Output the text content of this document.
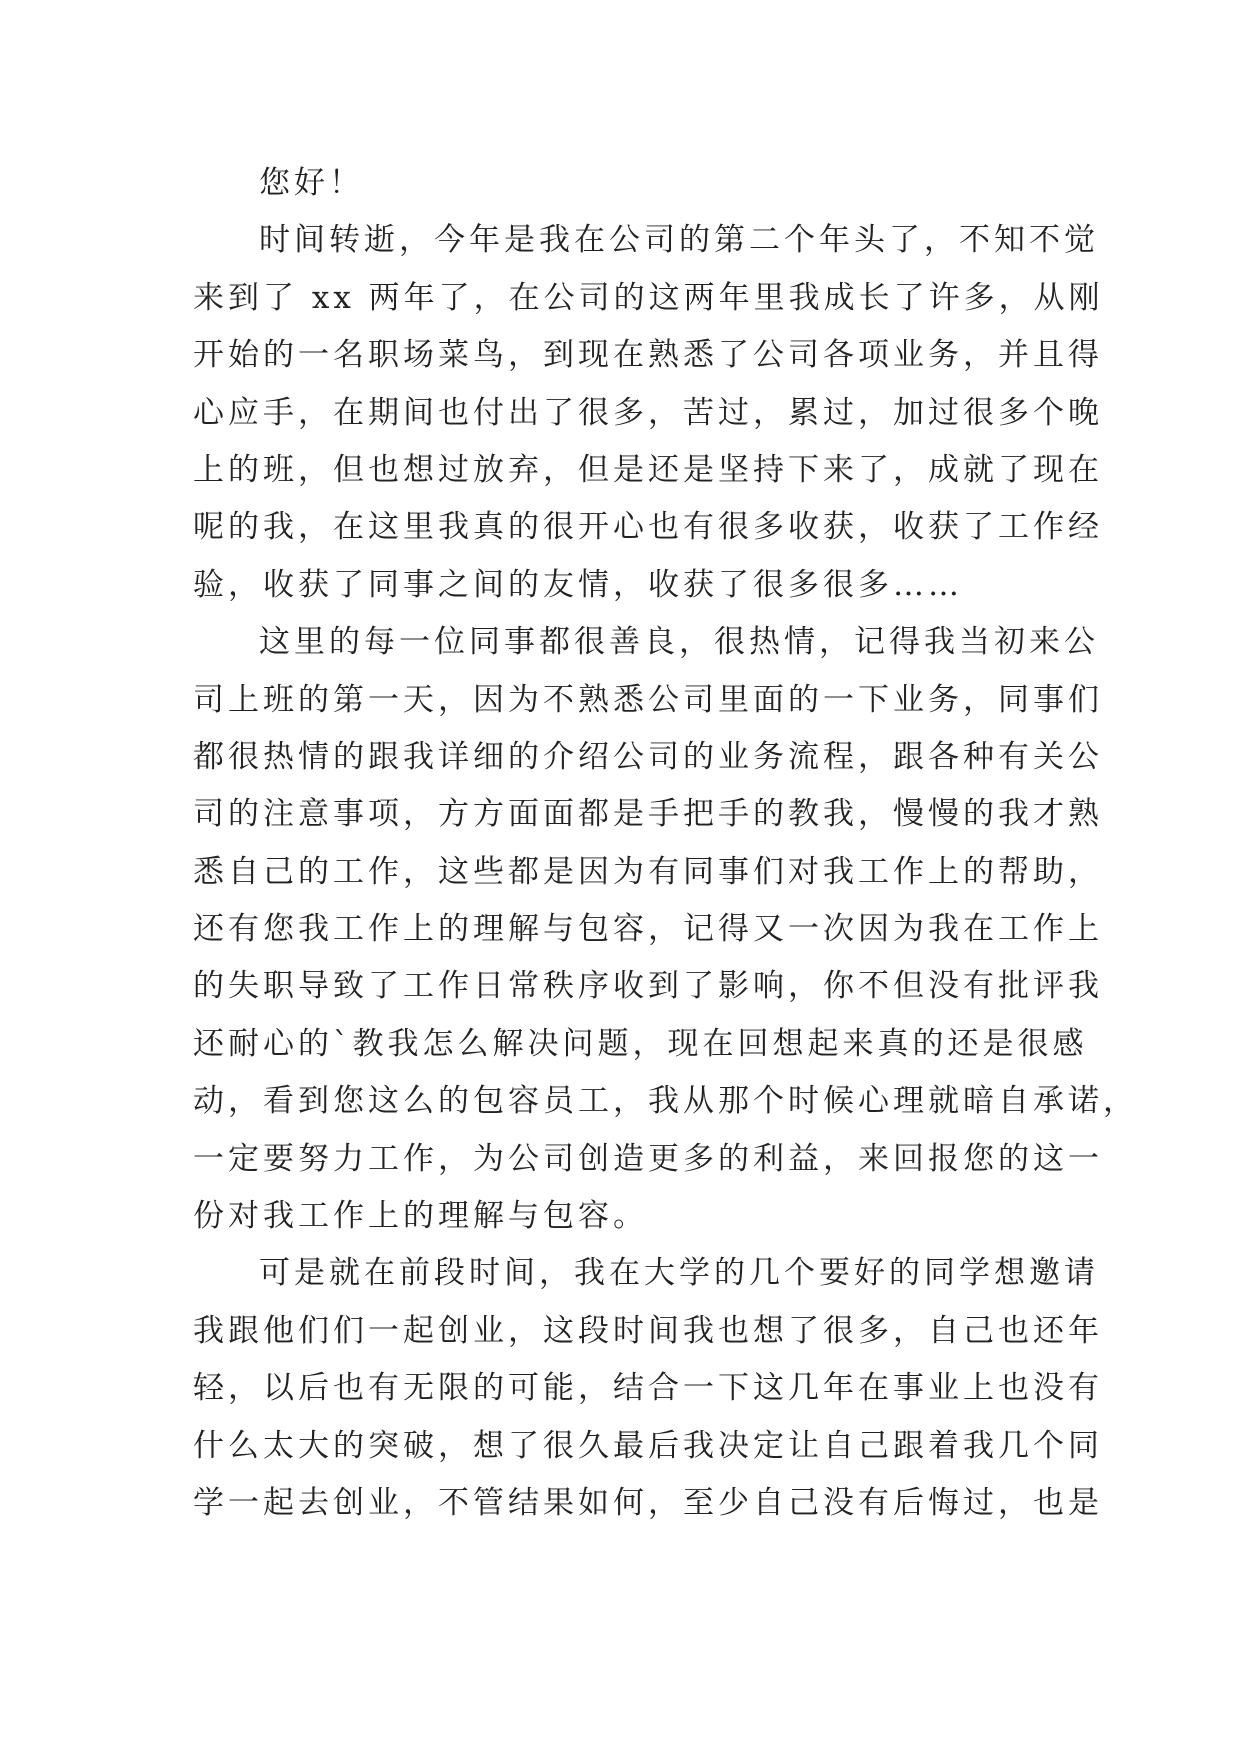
您好！
时间转逝，今年是我在公司的第二个年头了，不知不觉
来到了 xx 两年了，在公司的这两年里我成长了许多，从刚
开始的一名职场菜鸟，到现在熟悉了公司各项业务，并且得
心应手，在期间也付出了很多，苦过，累过，加过很多个晚
上的班，但也想过放弃，但是还是坚持下来了，成就了现在
呢的我，在这里我真的很开心也有很多收获，收获了工作经
验，收获了同事之间的友情，收获了很多很多……
这里的每一位同事都很善良，很热情，记得我当初来公
司上班的第一天，因为不熟悉公司里面的一下业务，同事们
都很热情的跟我详细的介绍公司的业务流程，跟各种有关公
司的注意事项，方方面面都是手把手的教我，慢慢的我才熟
悉自己的工作，这些都是因为有同事们对我工作上的帮助，
还有您我工作上的理解与包容，记得又一次因为我在工作上
的失职导致了工作日常秩序收到了影响，你不但没有批评我
还耐心的`教我怎么解决问题，现在回想起来真的还是很感
动，看到您这么的包容员工，我从那个时候心理就暗自承诺，
一定要努力工作，为公司创造更多的利益，来回报您的这一
份对我工作上的理解与包容。
可是就在前段时间，我在大学的几个要好的同学想邀请
我跟他们们一起创业，这段时间我也想了很多，自己也还年
轻，以后也有无限的可能，结合一下这几年在事业上也没有
什么太大的突破，想了很久最后我决定让自己跟着我几个同
学一起去创业，不管结果如何，至少自己没有后悔过，也是
